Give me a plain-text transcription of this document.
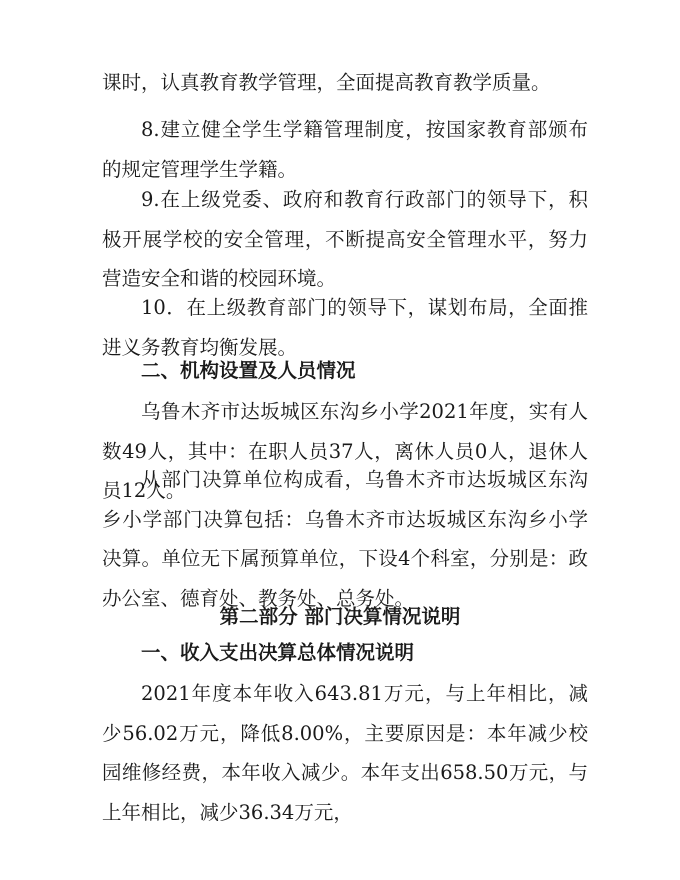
课时，认真教育教学管理，全面提高教育教学质量。
8.建立健全学生学籍管理制度，按国家教育部颁布的规定管理学生学籍。
9.在上级党委、政府和教育行政部门的领导下，积极开展学校的安全管理，不断提高安全管理水平，努力营造安全和谐的校园环境。
10．在上级教育部门的领导下，谋划布局，全面推进义务教育均衡发展。
二、机构设置及人员情况
乌鲁木齐市达坂城区东沟乡小学2021年度，实有人数49人，其中：在职人员37人，离休人员0人，退休人员12人。
从部门决算单位构成看，乌鲁木齐市达坂城区东沟乡小学部门决算包括：乌鲁木齐市达坂城区东沟乡小学决算。单位无下属预算单位，下设4个科室，分别是：政办公室、德育处、教务处、总务处。
第二部分 部门决算情况说明
一、收入支出决算总体情况说明
2021年度本年收入643.81万元，与上年相比，减少56.02万元，降低8.00%，主要原因是：本年减少校园维修经费，本年收入减少。本年支出658.50万元，与上年相比，减少36.34万元，
